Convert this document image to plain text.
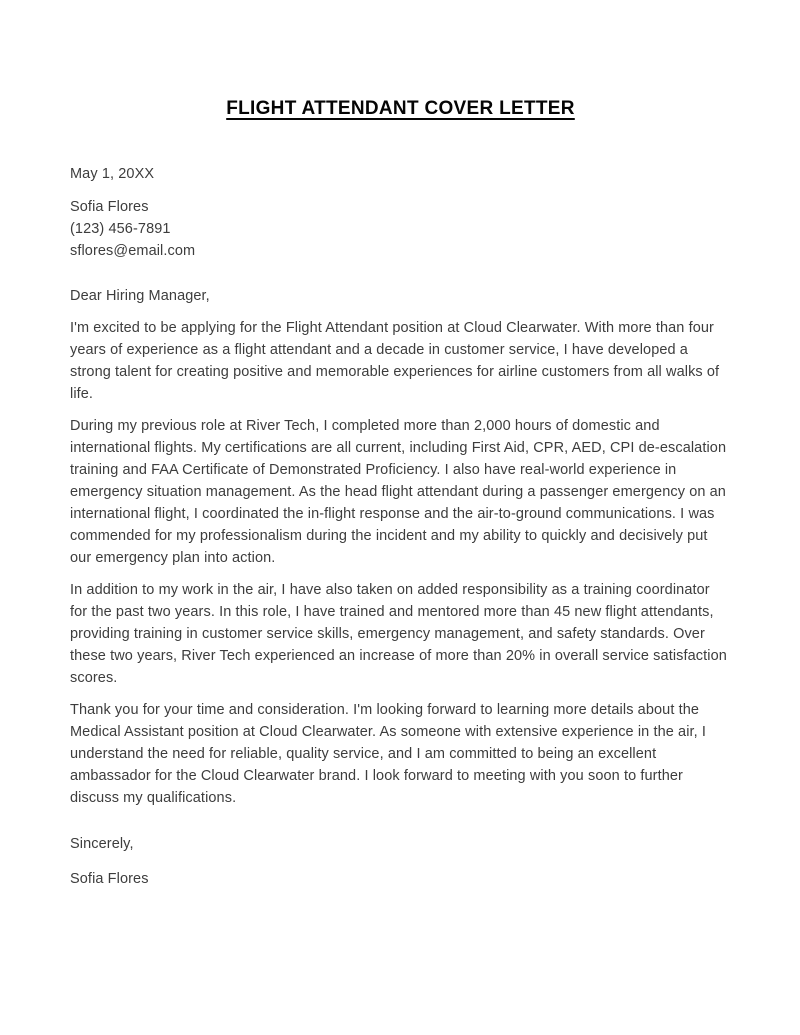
FLIGHT ATTENDANT COVER LETTER

May 1, 20XX

Sofia Flores

(123) 456-7891

sflores@email.com

Dear Hiring Manager,

I'm excited to be applying for the Flight Attendant position at Cloud Clearwater. With more than four years of experience as a flight attendant and a decade in customer service, I have developed a strong talent for creating positive and memorable experiences for airline customers from all walks of life.

During my previous role at River Tech, I completed more than 2,000 hours of domestic and international flights. My certifications are all current, including First Aid, CPR, AED, CPI de-escalation training and FAA Certificate of Demonstrated Proficiency. I also have real-world experience in emergency situation management. As the head flight attendant during a passenger emergency on an international flight, I coordinated the in-flight response and the air-to-ground communications. I was commended for my professionalism during the incident and my ability to quickly and decisively put our emergency plan into action.

In addition to my work in the air, I have also taken on added responsibility as a training coordinator for the past two years. In this role, I have trained and mentored more than 45 new flight attendants, providing training in customer service skills, emergency management, and safety standards. Over these two years, River Tech experienced an increase of more than 20% in overall service satisfaction scores.

Thank you for your time and consideration. I'm looking forward to learning more details about the Medical Assistant position at Cloud Clearwater. As someone with extensive experience in the air, I understand the need for reliable, quality service, and I am committed to being an excellent ambassador for the Cloud Clearwater brand. I look forward to meeting with you soon to further discuss my qualifications.

Sincerely,

Sofia Flores
